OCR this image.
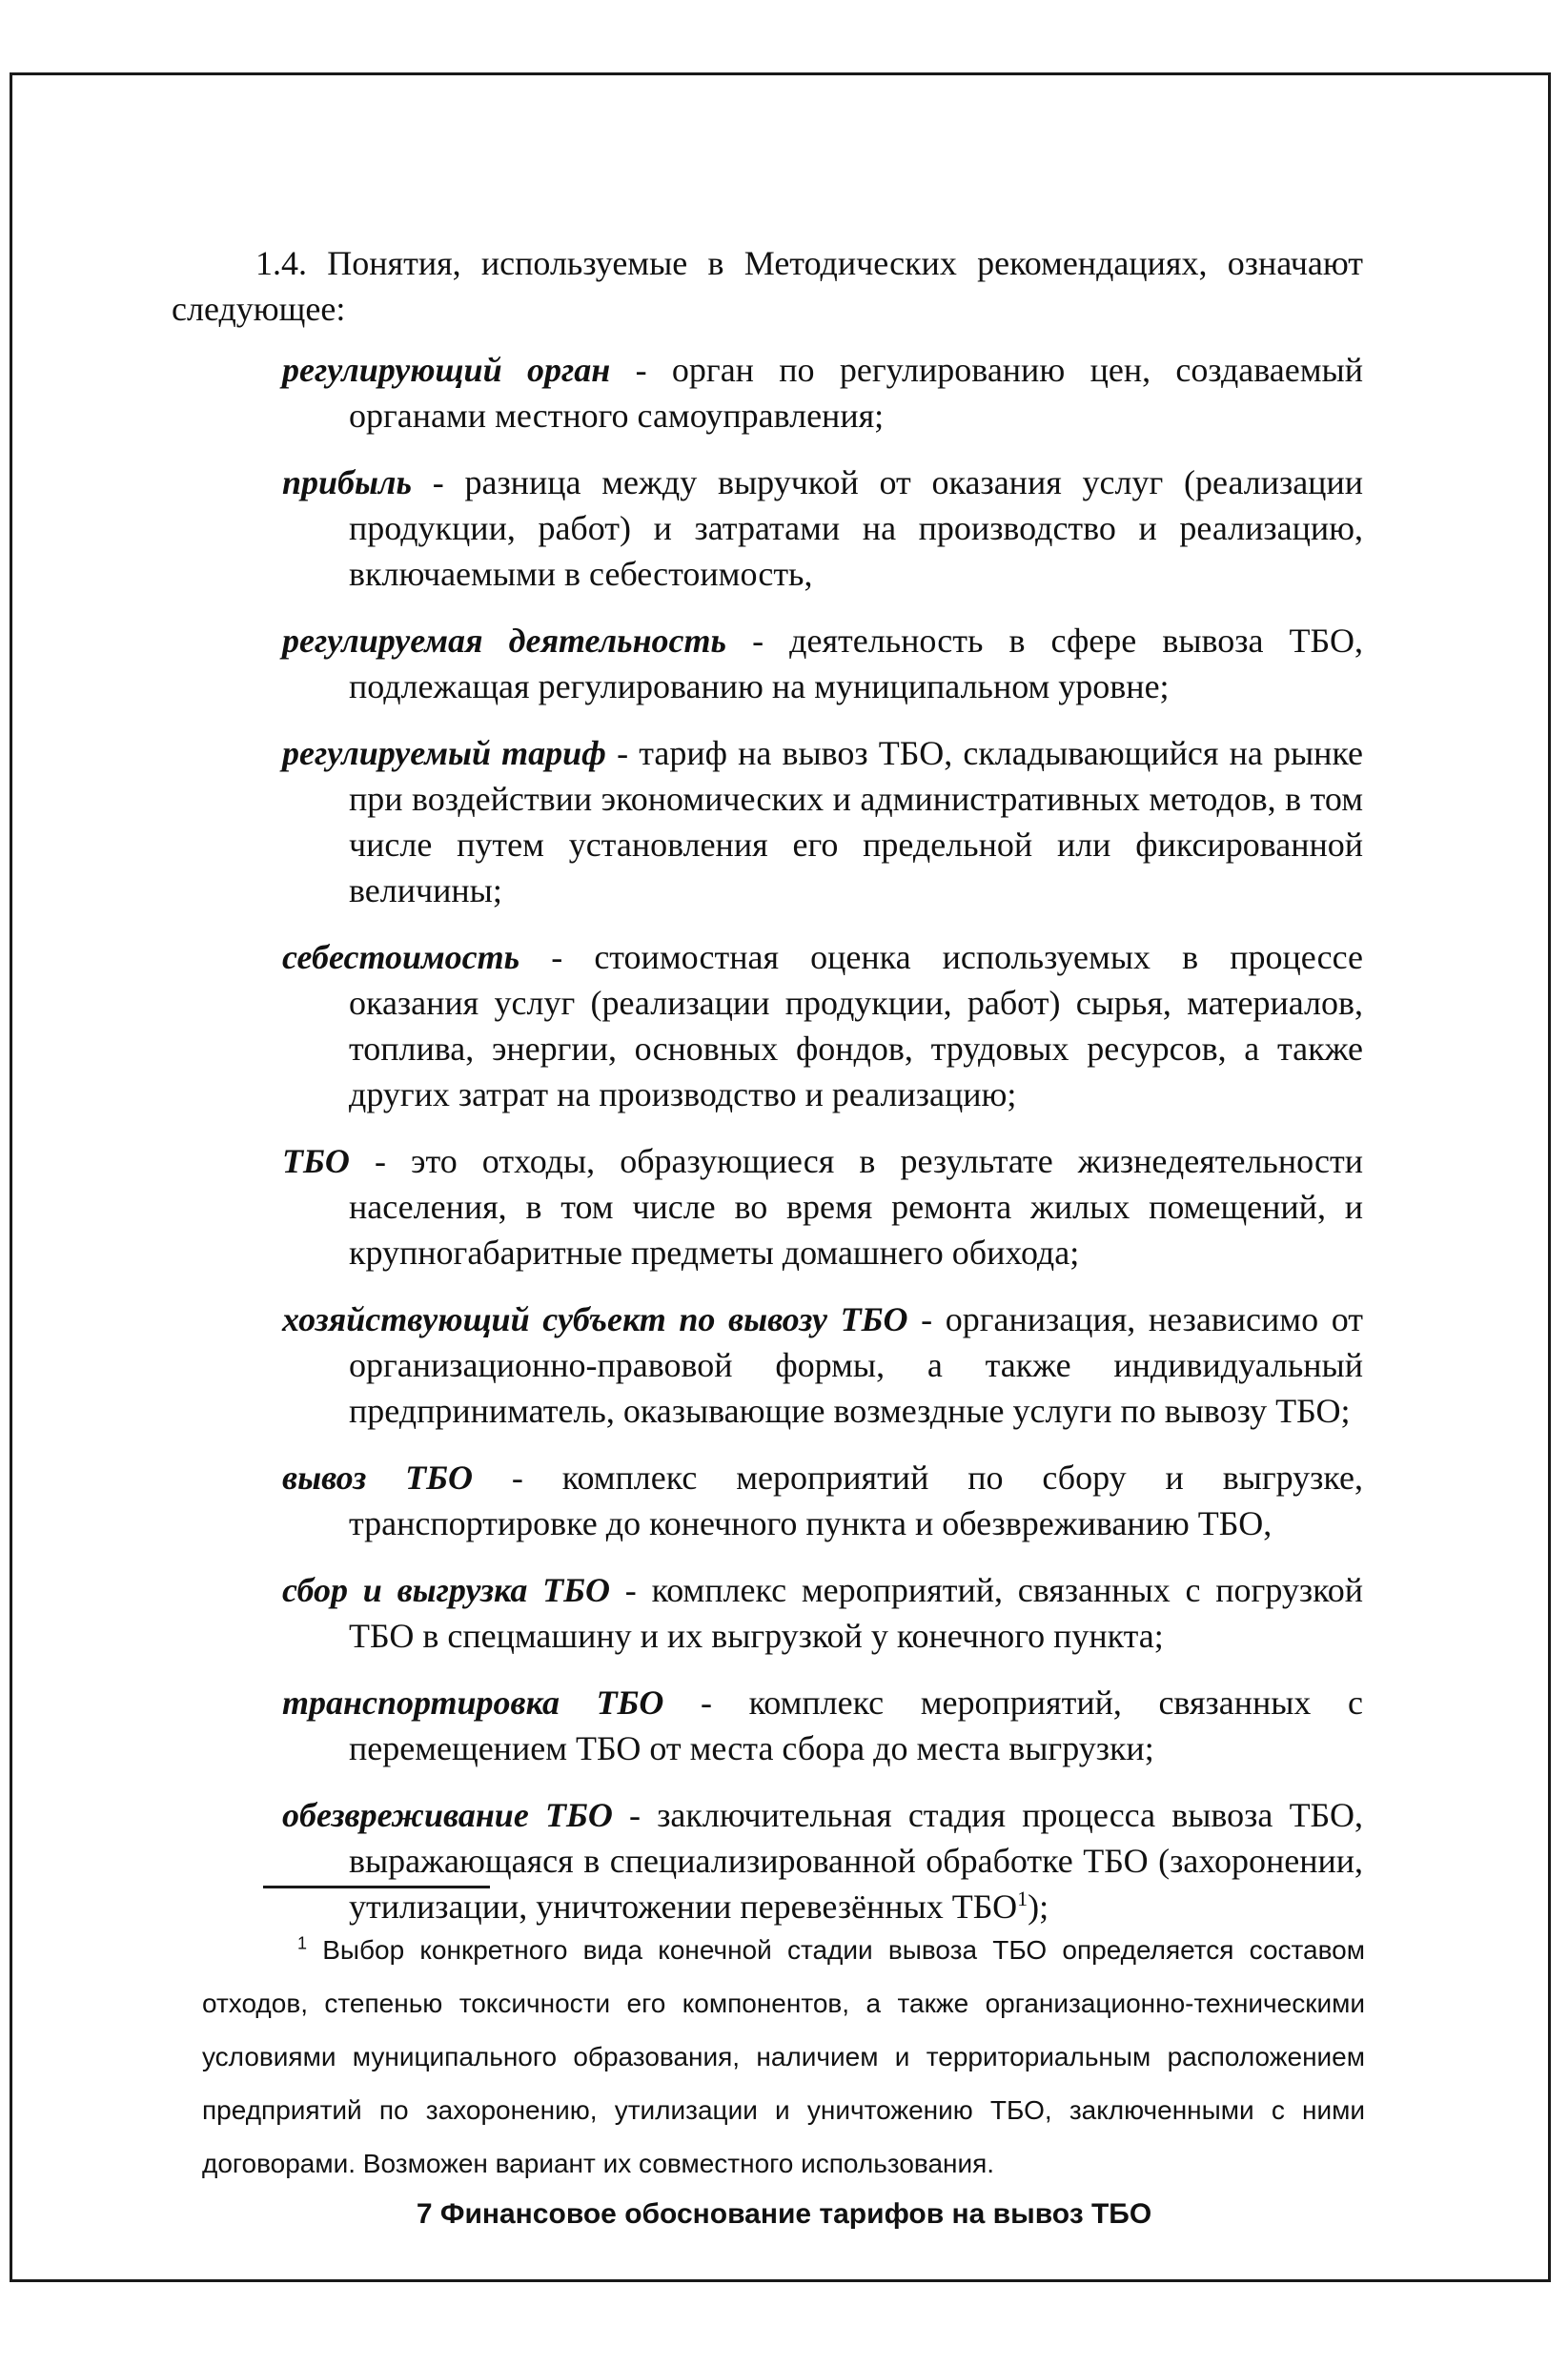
1.4. Понятия, используемые в Методических рекомендациях, означают следующее:

регулирующий орган - орган по регулированию цен, создаваемый органами местного самоуправления;

прибыль - разница между выручкой от оказания услуг (реализации продукции, работ) и затратами на производство и реализацию, включаемыми в себестоимость,

регулируемая деятельность - деятельность в сфере вывоза ТБО, подлежащая регулированию на муниципальном уровне;

регулируемый тариф - тариф на вывоз ТБО, складывающийся на рынке при воздействии экономических и административных методов, в том числе путем установления его предельной или фиксированной величины;

себестоимость - стоимостная оценка используемых в процессе оказания услуг (реализации продукции, работ) сырья, материалов, топлива, энергии, основных фондов, трудовых ресурсов, а также других затрат на производство и реализацию;

ТБО - это отходы, образующиеся в результате жизнедеятельности населения, в том числе во время ремонта жилых помещений, и крупногабаритные предметы домашнего обихода;

хозяйствующий субъект по вывозу ТБО - организация, независимо от организационно-правовой формы, а также индивидуальный предприниматель, оказывающие возмездные услуги по вывозу ТБО;

вывоз ТБО - комплекс мероприятий по сбору и выгрузке, транспортировке до конечного пункта и обезвреживанию ТБО,

сбор и выгрузка ТБО - комплекс мероприятий, связанных с погрузкой ТБО в спецмашину и их выгрузкой у конечного пункта;

транспортировка ТБО - комплекс мероприятий, связанных с перемещением ТБО от места сбора до места выгрузки;

обезвреживание ТБО - заключительная стадия процесса вывоза ТБО, выражающаяся в специализированной обработке ТБО (захоронении, утилизации, уничтожении перевезённых ТБО$^1$);

$^1$ Выбор конкретного вида конечной стадии вывоза ТБО определяется составом отходов, степенью токсичности его компонентов, а также организационно-техническими условиями муниципального образования, наличием и территориальным расположением предприятий по захоронению, утилизации и уничтожению ТБО, заключенными с ними договорами. Возможен вариант их совместного использования.
7 Финансовое обоснование тарифов на вывоз ТБО
